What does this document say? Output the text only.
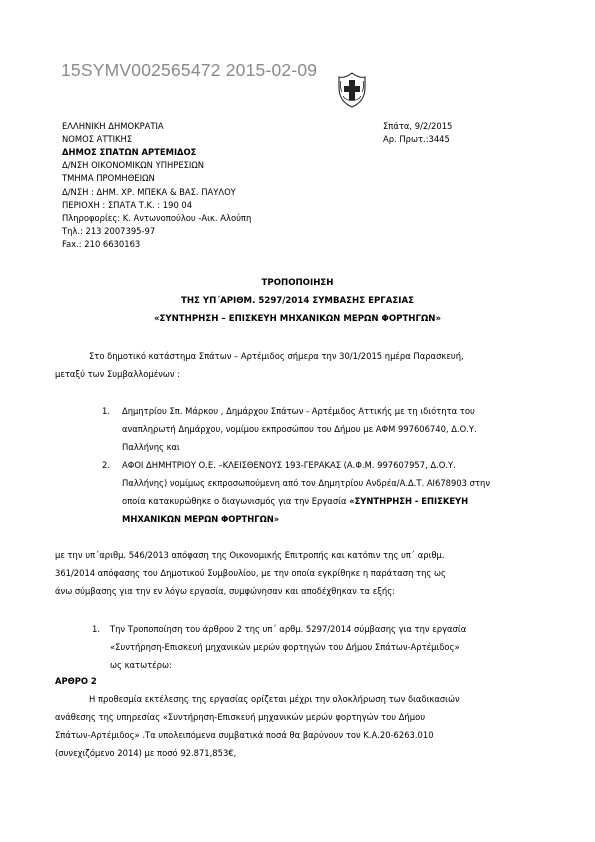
15SYMV002565472 2015-02-09
ΕΛΛΗΝΙΚΗ ΔΗΜΟΚΡΑΤΙΑ
ΝΟΜΟΣ ΑΤΤΙΚΗΣ
ΔΗΜΟΣ ΣΠΑΤΩΝ ΑΡΤΕΜΙΔΟΣ
Δ/ΝΣΗ ΟΙΚΟΝΟΜΙΚΩΝ ΥΠΗΡΕΣΙΩΝ
ΤΜΗΜΑ ΠΡΟΜΗΘΕΙΩΝ
Δ/ΝΣΗ : ΔΗΜ. ΧΡ. ΜΠΕΚΑ & ΒΑΣ. ΠΑΥΛΟΥ
ΠΕΡΙΟΧΗ : ΣΠΑΤΑ Τ.Κ. : 190 04
Πληροφορίες: Κ. Αντωνοπούλου -Αικ. Αλούπη
Τηλ.: 213 2007395-97
Fax.: 210 6630163
Σπάτα, 9/2/2015
Αρ. Πρωτ.:3445
ΤΡΟΠΟΠΟΙΗΣΗ
ΤΗΣ ΥΠ΄ΑΡΙΘΜ. 5297/2014 ΣΥΜΒΑΣΗΣ ΕΡΓΑΣΙΑΣ
«ΣΥΝΤΗΡΗΣΗ – ΕΠΙΣΚΕΥΗ ΜΗΧΑΝΙΚΩΝ ΜΕΡΩΝ ΦΟΡΤΗΓΩΝ»
Στο δημοτικό κατάστημα Σπάτων – Αρτέμιδος σήμερα την 30/1/2015 ημέρα Παρασκευή,
μεταξύ των Συμβαλλομένων :
1. Δημητρίου Σπ. Μάρκου , Δημάρχου Σπάτων - Αρτέμιδος Αττικής με τη ιδιότητα του
αναπληρωτή Δημάρχου, νομίμου εκπροσώπου του Δήμου με ΑΦΜ 997606740, Δ.Ο.Υ.
Παλλήνης και
2. ΑΦΟΙ ΔΗΜΗΤΡΙΟΥ Ο.Ε. –ΚΛΕΙΣΘΕΝΟΥΣ 193-ΓΕΡΑΚΑΣ (Α.Φ.Μ. 997607957, Δ.Ο.Υ.
Παλλήνης) νομίμως εκπροσωπούμενη από τον Δημητρίου Ανδρέα/Α.Δ.Τ. ΑΙ678903 στην
οποία κατακυρώθηκε ο διαγωνισμός για την Εργασία «ΣΥΝΤΗΡΗΣΗ - ΕΠΙΣΚΕΥΗ
ΜΗΧΑΝΙΚΩΝ ΜΕΡΩΝ ΦΟΡΤΗΓΩΝ»
με την υπ΄αριθμ. 546/2013 απόφαση της Οικονομικής Επιτροπής και κατόπιν της υπ΄ αριθμ.
361/2014 απόφασης του Δημοτικού Συμβουλίου, με την οποία εγκρίθηκε η παράταση της ως
άνω σύμβασης για την εν λόγω εργασία, συμφώνησαν και αποδέχθηκαν τα εξής:
1. Την Τροποποίηση του άρθρου 2 της υπ΄ αρθμ. 5297/2014 σύμβασης για την εργασία
«Συντήρηση-Επισκευή μηχανικών μερών φορτηγών του Δήμου Σπάτων-Αρτέμιδος»
ως κατωτέρω:
ΑΡΘΡΟ 2
Η προθεσμία εκτέλεσης της εργασίας ορίζεται μέχρι την ολοκλήρωση των διαδικασιών
ανάθεσης της υπηρεσίας «Συντήρηση-Επισκευή μηχανικών μερών φορτηγών του Δήμου
Σπάτων-Αρτέμιδος» .Τα υπολειπόμενα συμβατικά ποσά θα βαρύνουν τον Κ.Α.20-6263.010
(συνεχιζόμενο 2014) με ποσό 92.871,853€,
